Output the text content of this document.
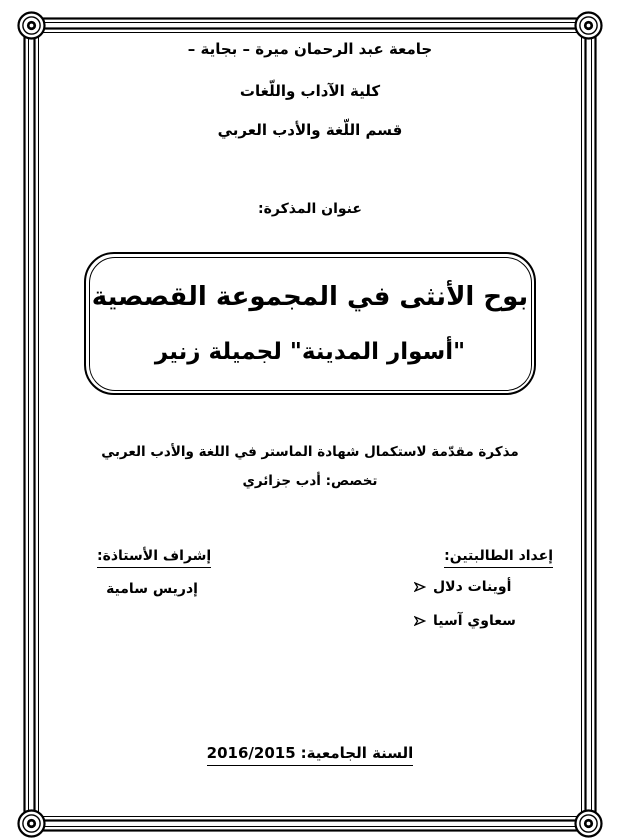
جامعة عبد الرحمان ميرة – بجاية –
كلية الآداب واللّغات
قسم اللّغة والأدب العربي
عنوان المذكرة:
بوح الأنثى في المجموعة القصصية
"أسوار المدينة" لجميلة زنير
مذكرة مقدّمة لاستكمال شهادة الماستر في اللغة والأدب العربي
تخصص: أدب جزائري
إعداد الطالبتين:
أوينات دلال
سعاوي آسيا
إشراف الأستاذة:
إدريس سامية
السنة الجامعية:
2016/2015
